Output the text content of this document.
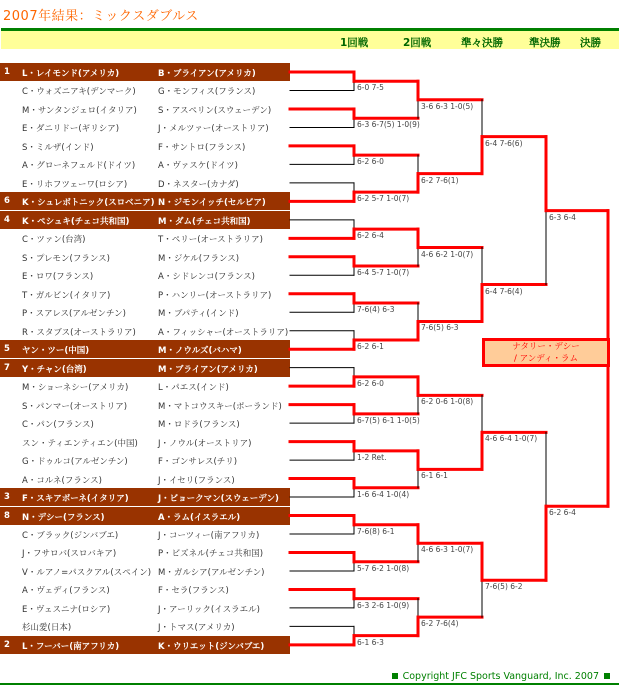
2007年結果：ミックスダブルス
1回戦	2回戦	準々決勝 準決勝 決勝
1 L・レイモンド(アメリカ)	B・ブライアン(アメリカ)
C・ウォズニアキ(デンマーク)	G・モンフィス(フランス)
M・サンタンジェロ(イタリア) S・アスペリン(スウェーデン)
E・ダニリドー(ギリシア)	J・メルツァー(オーストリア)
S・ミルザ(インド)	F・サントロ(フランス)
A・グローネフェルド(ドイツ)	A・ヴァスケ(ドイツ)
E・リホフツェーワ(ロシア)	D・ネスター(カナダ)
6 K・シュレボトニック(スロベニア) N・ジモンイッチ(セルビア)
4 K・ペシュキ(チェコ共和国)	M・ダム(チェコ共和国)
C・ツァン(台湾)	T・ペリー(オーストラリア)
S・プレモン(フランス)	M・ジケル(フランス)
E・ロワ(フランス)	A・シドレンコ(フランス)
T・ガルビン(イタリア)	P・ハンリー(オーストラリア)
P・スアレス(アルゼンチン)	M・ブパティ(インド)
R・スタブス(オーストラリア)	A・フィッシャー(オーストラリア)
5 ヤン・ツー(中国)	M・ノウルズ(バハマ)
7 Y・チャン(台湾)	M・ブライアン(アメリカ)
M・ショーネシー(アメリカ)	L・パエス(インド)
S・パンマー(オーストリア)	M・マトコウスキー(ポーランド)
C・パン(フランス)	M・ロドラ(フランス)
スン・ティエンティエン(中国) J・ノウル(オーストリア)
G・ドゥルコ(アルゼンチン)	F・ゴンサレス(チリ)
A・コルネ(フランス)	J・イセリ(フランス)
3 F・スキアボーネ(イタリア)	J・ビョークマン(スウェーデン)
8 N・デシー(フランス)	A・ラム(イスラエル)
C・ブラック(ジンバブエ)	J・コーツィー(南アフリカ)
J・フサロバ(スロバキア)	P・ビズネル(チェコ共和国)
V・ルアノ=パスクアル(スペイン) M・ガルシア(アルゼンチン)
A・ヴェディ(フランス)	F・セラ(フランス)
E・ヴェスニナ(ロシア)	J・アーリック(イスラエル)
杉山愛(日本)	J・トマス(アメリカ)
2 L・フーバー(南アフリカ)	K・ウリエット(ジンバブエ)
6-0 7-5
6-3 6-7(5) 1-0(9)
6-2 6-0
6-2 5-7 1-0(7)
6-2 6-4
6-4 5-7 1-0(7)
7-6(4) 6-3
6-2 6-1
6-2 6-0
6-7(5) 6-1 1-0(5)
1-2 Ret.
1-6 6-4 1-0(4)
7-6(8) 6-1
5-7 6-2 1-0(8)
6-3 2-6 1-0(9)
6-1 6-3
3-6 6-3 1-0(5)
6-2 7-6(1)
4-6 6-2 1-0(7)
7-6(5) 6-3
6-2 0-6 1-0(8)
6-1 6-1
4-6 6-3 1-0(7)
6-2 7-6(4)
6-4 7-6(6)
6-4 7-6(4)
4-6 6-4 1-0(7)
7-6(5) 6-2
6-3 6-4
6-2 6-4
ナタリー・デシー
/ アンディ・ラム
Copyright JFC Sports Vanguard, Inc. 2007
